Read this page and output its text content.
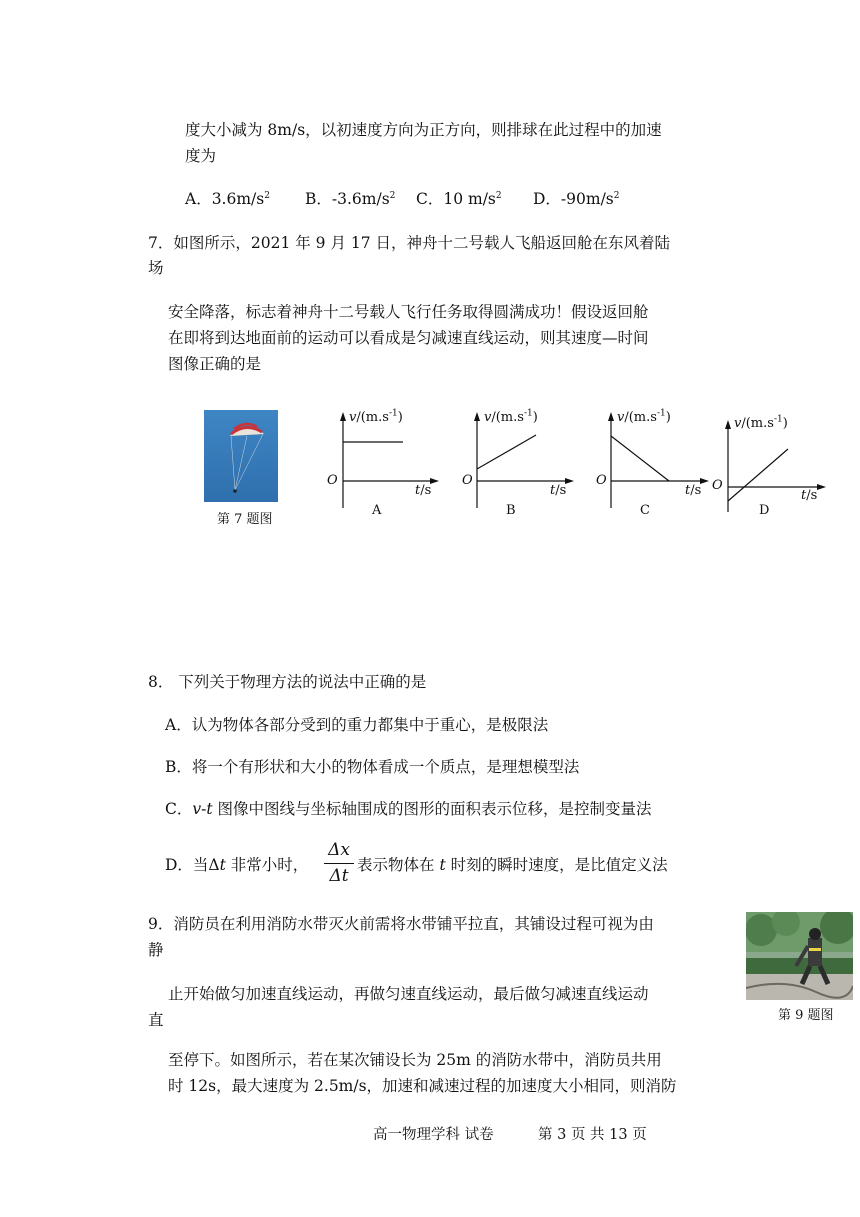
度大小减为 8m/s，以初速度方向为正方向，则排球在此过程中的加速
度为
A．$3.6m/s^2$ B．$-3.6m/s^2$ C．10 $m/s^2$ D．$-90m/s^2$
7．如图所示，2021 年 9 月 17 日，神舟十二号载人飞船返回舱在东风着陆
场
安全降落，标志着神舟十二号载人飞行任务取得圆满成功！假设返回舱
在即将到达地面前的运动可以看成是匀减速直线运动，则其速度—时间
图像正确的是
第 7 题图
$v/(m.s^{-1})$
O
t/s
A
$v/(m.s^{-1})$
O
t/s
B
$v/(m.s^{-1})$
O
t/s
C
$v/(m.s^{-1})$
O
t/s
D
8． 下列关于物理方法的说法中正确的是
A．认为物体各部分受到的重力都集中于重心，是极限法
B．将一个有形状和大小的物体看成一个质点，是理想模型法
C．v-t 图像中图线与坐标轴围成的图形的面积表示位移，是控制变量法
D．当Δt 非常小时， $\frac{\Delta x}{\Delta t}$ 表示物体在 t 时刻的瞬时速度，是比值定义法
9．消防员在利用消防水带灭火前需将水带铺平拉直，其铺设过程可视为由
静
止开始做匀加速直线运动，再做匀速直线运动，最后做匀减速直线运动
直
至停下。如图所示，若在某次铺设长为 25m 的消防水带中，消防员共用
时 12s，最大速度为 2.5m/s，加速和减速过程的加速度大小相同，则消防
第 9 题图
高一物理学科 试卷	第 3 页 共 13 页
